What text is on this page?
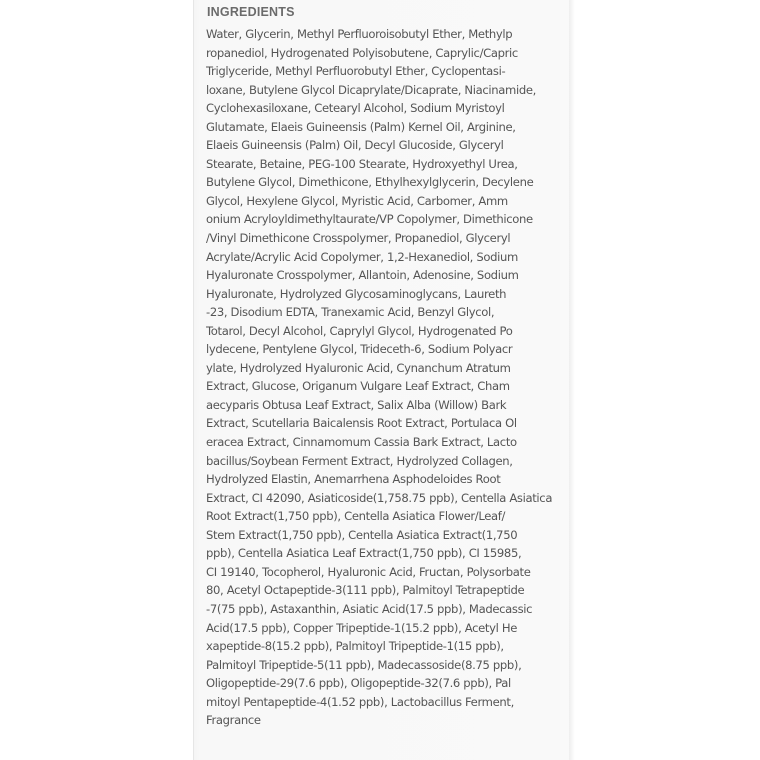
INGREDIENTS

Water, Glycerin, Methyl Perfluoroisobutyl Ether, Methylp
ropanediol, Hydrogenated Polyisobutene, Caprylic/Capric
Triglyceride, Methyl Perfluorobutyl Ether, Cyclopentasi-
loxane, Butylene Glycol Dicaprylate/Dicaprate, Niacinamide,
Cyclohexasiloxane, Cetearyl Alcohol, Sodium Myristoyl
Glutamate, Elaeis Guineensis (Palm) Kernel Oil, Arginine,
Elaeis Guineensis (Palm) Oil, Decyl Glucoside, Glyceryl
Stearate, Betaine, PEG-100 Stearate, Hydroxyethyl Urea,
Butylene Glycol, Dimethicone, Ethylhexylglycerin, Decylene
Glycol, Hexylene Glycol, Myristic Acid, Carbomer, Amm
onium Acryloyldimethyltaurate/VP Copolymer, Dimethicone
/Vinyl Dimethicone Crosspolymer, Propanediol, Glyceryl
Acrylate/Acrylic Acid Copolymer, 1,2-Hexanediol, Sodium
Hyaluronate Crosspolymer, Allantoin, Adenosine, Sodium
Hyaluronate, Hydrolyzed Glycosaminoglycans, Laureth
-23, Disodium EDTA, Tranexamic Acid, Benzyl Glycol,
Totarol, Decyl Alcohol, Caprylyl Glycol, Hydrogenated Po
lydecene, Pentylene Glycol, Trideceth-6, Sodium Polyacr
ylate, Hydrolyzed Hyaluronic Acid, Cynanchum Atratum
Extract, Glucose, Origanum Vulgare Leaf Extract, Cham
aecyparis Obtusa Leaf Extract, Salix Alba (Willow) Bark
Extract, Scutellaria Baicalensis Root Extract, Portulaca Ol
eracea Extract, Cinnamomum Cassia Bark Extract, Lacto
bacillus/Soybean Ferment Extract, Hydrolyzed Collagen,
Hydrolyzed Elastin, Anemarrhena Asphodeloides Root
Extract, CI 42090, Asiaticoside(1,758.75 ppb), Centella Asiatica
Root Extract(1,750 ppb), Centella Asiatica Flower/Leaf/
Stem Extract(1,750 ppb), Centella Asiatica Extract(1,750
ppb), Centella Asiatica Leaf Extract(1,750 ppb), CI 15985,
CI 19140, Tocopherol, Hyaluronic Acid, Fructan, Polysorbate
80, Acetyl Octapeptide-3(111 ppb), Palmitoyl Tetrapeptide
-7(75 ppb), Astaxanthin, Asiatic Acid(17.5 ppb), Madecassic
Acid(17.5 ppb), Copper Tripeptide-1(15.2 ppb), Acetyl He
xapeptide-8(15.2 ppb), Palmitoyl Tripeptide-1(15 ppb),
Palmitoyl Tripeptide-5(11 ppb), Madecassoside(8.75 ppb),
Oligopeptide-29(7.6 ppb), Oligopeptide-32(7.6 ppb), Pal
mitoyl Pentapeptide-4(1.52 ppb), Lactobacillus Ferment,
Fragrance
